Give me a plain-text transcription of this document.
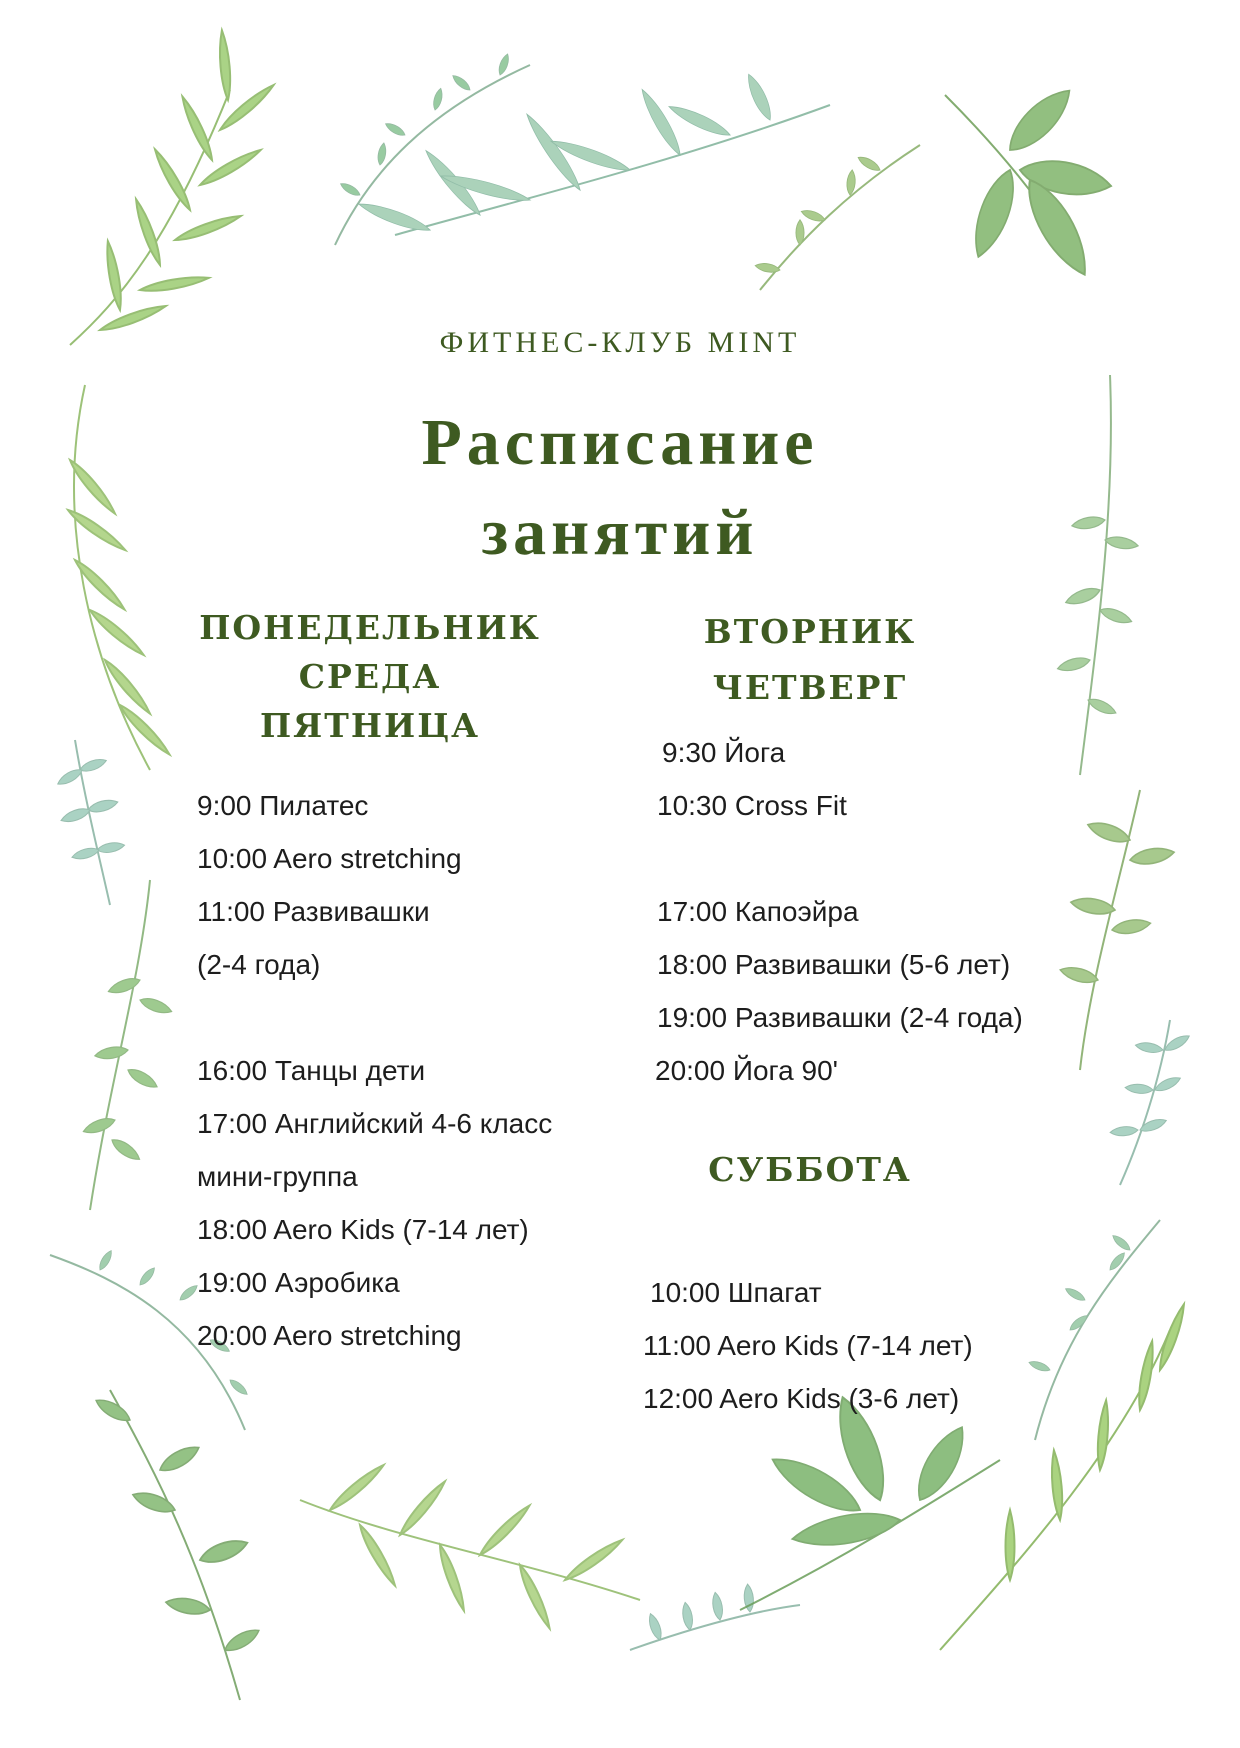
ФИТНЕС-КЛУБ MINT
Расписание
занятий
ПОНЕДЕЛЬНИК
СРЕДА
ПЯТНИЦА
9:00 Пилатес
10:00 Aero stretching
11:00 Развивашки
(2-4 года)
16:00 Танцы дети
17:00 Английский 4-6 класс
мини-группа
18:00 Aero Kids (7-14 лет)
19:00 Аэробика
20:00 Aero stretching
ВТОРНИК
ЧЕТВЕРГ
9:30 Йога
10:30 Cross Fit
17:00 Капоэйра
18:00 Развивашки (5-6 лет)
19:00 Развивашки (2-4 года)
20:00 Йога 90'
СУББОТА
10:00 Шпагат
11:00 Aero Kids (7-14 лет)
12:00 Aero Kids (3-6 лет)
